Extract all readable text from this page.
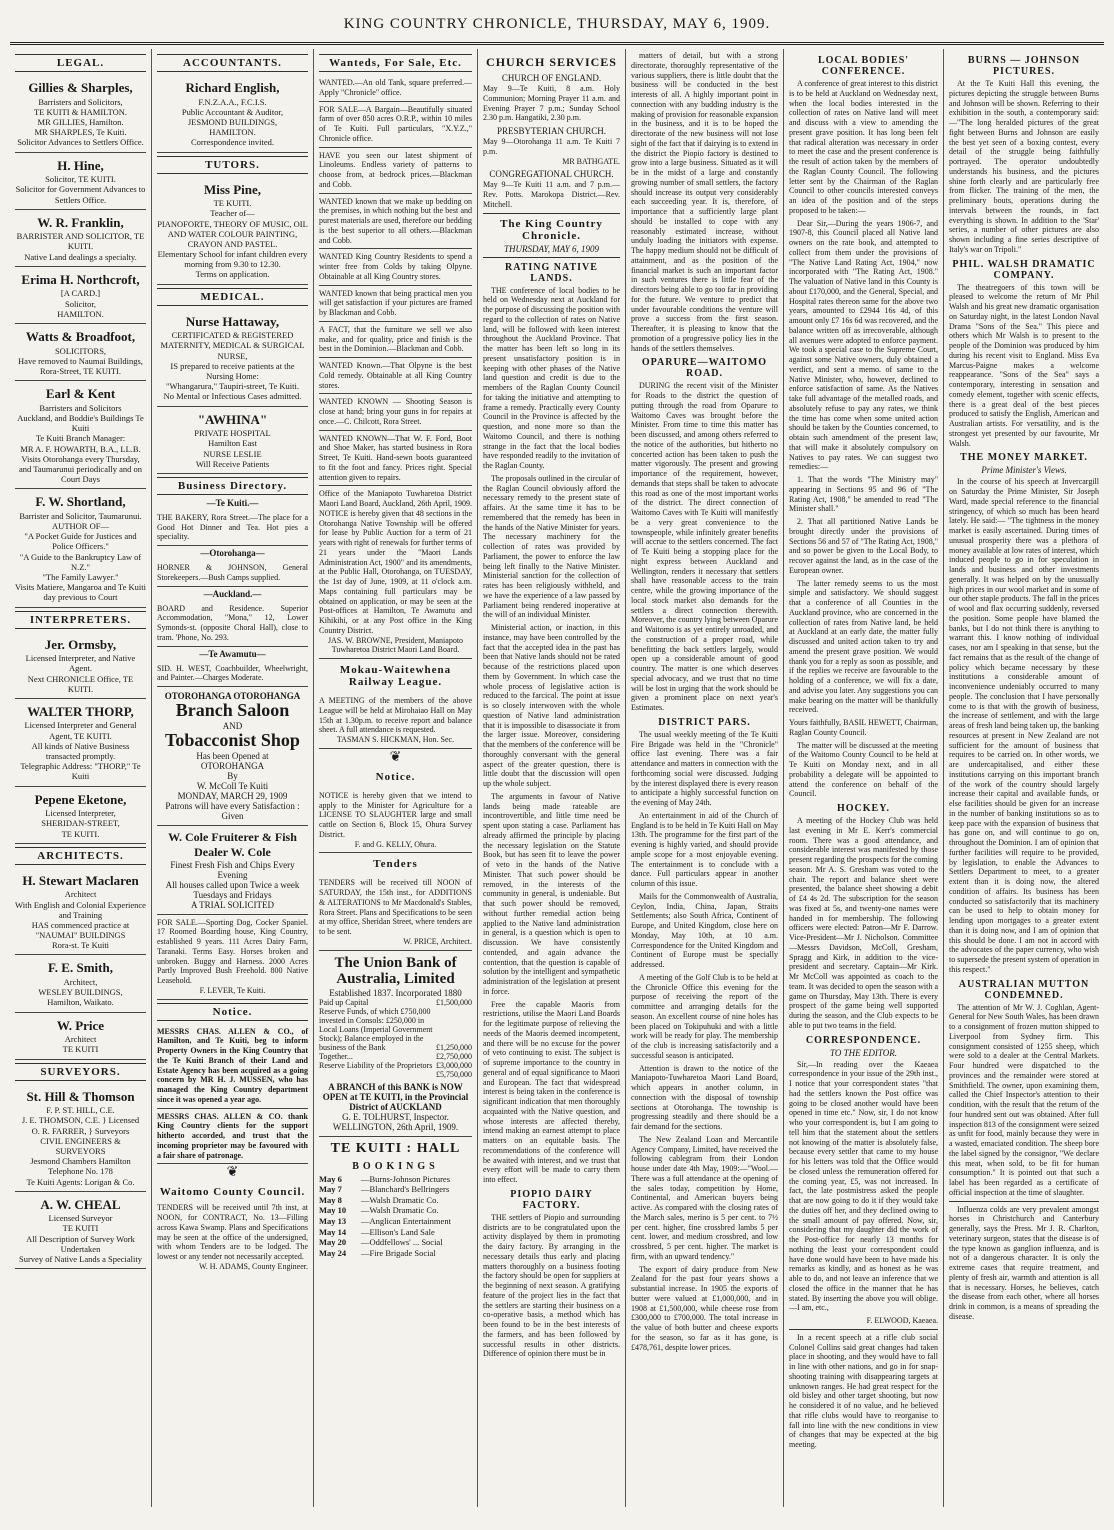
KING COUNTRY CHRONICLE, THURSDAY, MAY 6, 1909.
LEGAL.
Gillies & Sharples,
Barristers and Solicitors,
TE KUITI & HAMILTON.
MR GILLIES, Hamilton.
MR SHARPLES, Te Kuiti.
Solicitor Advances to Settlers Office.
H. Hine,
Solicitor, TE KUITI.
Solicitor for Government Advances to Settlers Office.
W. R. Franklin,
BARRISTER AND SOLICITOR, TE KUITI.
Native Land dealings a specialty.
Erima H. Northcroft,
[A CARD.]
Solicitor,
HAMILTON.
Watts & Broadfoot,
SOLICITORS,
Have removed to Naumai Buildings,
Rora-Street, TE KUITI.
Earl & Kent
Barristers and Solicitors
Auckland, and Boddie's Buildings Te Kuiti
Te Kuiti Branch Manager:
MR A. F. HOWARTH, B.A., LL.B.
Visits Otorohanga every Thursday, and Taumarunui periodically and on Court Days
F. W. Shortland,
Barrister and Solicitor, Taumarunui.
AUTHOR OF—
"A Pocket Guide for Justices and Police Officers."
"A Guide to the Bankruptcy Law of N.Z."
"The Family Lawyer."
Visits Matiere, Mangaroa and Te Kuiti day previous to Court
INTERPRETERS.
Jer. Ormsby,
Licensed Interpreter, and Native Agent.
Next CHRONICLE Office, TE KUITI.
WALTER THORP,
Licensed Interpreter and General Agent, TE KUITI.
All kinds of Native Business transacted promptly.
Telegraphic Address: "THORP," Te Kuiti
Pepene Eketone,
Licensed Interpreter,
SHERIDAN-STREET,
TE KUITI.
ARCHITECTS.
H. Stewart Maclaren
Architect
With English and Colonial Experience and Training
HAS commenced practice at "NAUMAI" BUILDINGS
Rora-st. Te Kuiti
F. E. Smith,
Architect,
WESLEY BUILDINGS,
Hamilton, Waikato.
W. Price
Architect
TE KUITI
SURVEYORS.
St. Hill & Thomson
F. P. ST. HILL, C.E.
J. E. THOMSON, C.E. } Licensed
O. R. FARRER, } Surveyors
CIVIL ENGINEERS & SURVEYORS
Jesmond Chambers Hamilton
Telephone No. 178
Te Kuiti Agents: Lorigan & Co.
A. W. CHEAL
Licensed Surveyor
TE KUITI
All Description of Survey Work Undertaken
Survey of Native Lands a Speciality
ACCOUNTANTS.
Richard English,
F.N.Z.A.A., F.C.I.S.
Public Accountant & Auditor,
JESMOND BUILDINGS,
HAMILTON.
Correspondence invited.
TUTORS.
Miss Pine,
TE KUITI.
Teacher of—
PIANOFORTE, THEORY OF MUSIC, OIL AND WATER COLOUR PAINTING, CRAYON AND PASTEL.
Elementary School for infant children every morning from 9.30 to 12.30.
Terms on application.
MEDICAL.
Nurse Hattaway,
CERTIFICATED & REGISTERED
MATERNITY, MEDICAL & SURGICAL NURSE,
IS prepared to receive patients at the Nursing Home:
"Whangarura," Taupiri-street, Te Kuiti.
No Mental or Infectious Cases admitted.
"AWHINA"
PRIVATE HOSPITAL
Hamilton East
NURSE LESLIE
Will Receive Patients
Business Directory.
—Te Kuiti.—
THE BAKERY, Rora Street.—The place for a Good Hot Dinner and Tea. Hot pies a speciality.
—Otorohanga—
HORNER & JOHNSON, General Storekeepers.—Bush Camps supplied.
—Auckland.—
BOARD and Residence. Superior Accommodation, "Mona," 12, Lower Symonds-st. (opposite Choral Hall), close to tram. 'Phone, No. 293.
—Te Awamutu—
SID. H. WEST, Coachbuilder, Wheelwright, and Painter.—Charges Moderate.
OTOROHANGA OTOROHANGA
Branch Saloon
AND
Tobacconist Shop
Has been Opened at
OTOROHANGA
By
W. McColl Te Kuiti
MONDAY, MARCH 29, 1909
Patrons will have every Satisfaction : Given
W. Cole Fruiterer & Fish Dealer W. Cole
Finest Fresh Fish and Chips Every Evening
All houses called upon Twice a week Tuesdays and Fridays
A TRIAL SOLICITED
FOR SALE.—Sporting Dog, Cocker Spaniel. 17 Roomed Boarding house, King Country, established 9 years. 111 Acres Dairy Farm, Taranaki. Terms Easy. Horses broken and unbroken. Buggy and Harness. 2000 Acres Partly Improved Bush Freehold. 800 Native Leasehold.
F. LEVER, Te Kuiti.
Notice.
MESSRS CHAS. ALLEN & CO., of Hamilton, and Te Kuiti, beg to inform Property Owners in the King Country that the Te Kuiti Branch of their Land and Estate Agency has been acquired as a going concern by MR H. J. MUSSEN, who has managed the King Country department since it was opened a year ago.
MESSRS CHAS. ALLEN & CO. thank King Country clients for the support hitherto accorded, and trust that the incoming proprietor may be favoured with a fair share of patronage.
❦
Waitomo County Council.
TENDERS will be received until 7th inst, at NOON, for CONTRACT, No. 13—Filling across Kawa Swamp. Plans and Specifications may be seen at the office of the undersigned, with whom Tenders are to be lodged. The lowest or any tender not necessarily accepted.
W. H. ADAMS, County Engineer.
Wanteds, For Sale, Etc.
WANTED.—An old Tank, square preferred.—Apply "Chronicle" office.
FOR SALE—A Bargain—Beautifully situated farm of over 850 acres O.R.P., within 10 miles of Te Kuiti. Full particulars, "X.Y.Z.," Chronicle office.
HAVE you seen our latest shipment of Linoleums. Endless variety of patterns to choose from, at bedrock prices.—Blackman and Cobb.
WANTED known that we make up bedding on the premises, in which nothing but the best and purest materials are used, therefore our bedding is the best superior to all others.—Blackman and Cobb.
WANTED King Country Residents to spend a winter free from Colds by taking Olpyne. Obtainable at all King Country stores.
WANTED known that being practical men you will get satisfaction if your pictures are framed by Blackman and Cobb.
A FACT, that the furniture we sell we also make, and for quality, price and finish is the best in the Dominion.—Blackman and Cobb.
WANTED Known.—That Olpyne is the best Cold remedy. Obtainable at all King Country stores.
WANTED KNOWN — Shooting Season is close at hand; bring your guns in for repairs at once.—C. Chilcott, Rora Street.
WANTED KNOWN—That W. F. Ford, Boot and Shoe Maker, has started business in Rora Street, Te Kuiti. Hand-sewn boots guaranteed to fit the foot and fancy. Prices right. Special attention given to repairs.
Office of the Maniapoto Tuwharetoa District Maori Land Board, Auckland, 26th April, 1909. NOTICE is hereby given that 48 sections in the Otorohanga Native Township will be offered for lease by Public Auction for a term of 21 years with right of renewals for further terms of 21 years under the "Maori Lands Administration Act, 1900" and its amendments, at the Public Hall, Otorohanga, on TUESDAY, the 1st day of June, 1909, at 11 o'clock a.m. Maps containing full particulars may be obtained on application, or may be seen at the Post-offices at Hamilton, Te Awamutu and Kihikihi, or at any Post office in the King Country District.
JAS. W. BROWNE, President, Maniapoto Tuwharetoa District Maori Land Board.
Mokau-Waitewhena Railway League.
A MEETING of the members of the above League will be held at Mirohaiao Hall on May 15th at 1.30p.m. to receive report and balance sheet. A full attendance is requested.
TASMAN S. HICKMAN, Hon. Sec.
❦
Notice.
NOTICE is hereby given that we intend to apply to the Minister for Agriculture for a LICENSE TO SLAUGHTER large and small cattle on Section 6, Block 15, Ohura Survey District.
F. and G. KELLY, Ohura.
Tenders
TENDERS will be received till NOON of SATURDAY, the 15th inst., for ADDITIONS & ALTERATIONS to Mr Macdonald's Stables, Rora Street. Plans and Specifications to be seen at my office, Sheridan Street, where tenders are to be sent.
W. PRICE, Architect.
The Union Bank of Australia, Limited
Established 1837. Incorporated 1880
Paid up Capital	£1,500,000
Reserve Funds, of which £750,000 invested in Consols: £250,000 in Local Loans (Imperial Government Stock); Balance employed in the business of the Bank	£1,250,000
Together...	£2,750,000
Reserve Liability of the Proprietors £3,000,000
£5,750,000
A BRANCH of this BANK is NOW OPEN at TE KUITI, in the Provincial District of AUCKLAND
G. E. TOLHURST, Inspector.
WELLINGTON, 26th April, 1909.
TE KUITI : HALL
BOOKINGS
May 6	—Burns-Johnson Pictures
May 7	—Blanchard's Bellringers
May 8	—Walsh Dramatic Co.
May 10	—Walsh Dramatic Co.
May 13	—Anglican Entertainment
May 14	—Ellison's Land Sale
May 20	—Oddfellows' ... Social
May 24	—Fire Brigade Social
CHURCH SERVICES
CHURCH OF ENGLAND.
May 9—Te Kuiti, 8 a.m. Holy Communion; Morning Prayer 11 a.m. and Evening Prayer 7 p.m.; Sunday School 2.30 p.m. Hangatiki, 2.30 p.m.
PRESBYTERIAN CHURCH.
May 9—Otorohanga 11 a.m. Te Kuiti 7 p.m.
MR BATHGATE.
CONGREGATIONAL CHURCH.
May 9—Te Kuiti 11 a.m. and 7 p.m.—Rev. Potts. Marokopa District.—Rev. Mitchell.
The King Country Chronicle.
THURSDAY, MAY 6, 1909
RATING NATIVE LANDS.
THE conference of local bodies to be held on Wednesday next at Auckland for the purpose of discussing the position with regard to the collection of rates on Native land, will be followed with keen interest throughout the Auckland Province. That the matter has been left so long in its present unsatisfactory position is in keeping with other phases of the Native land question and credit is due to the members of the Raglan County Council for taking the initiative and attempting to frame a remedy. Practically every County Council in the Province is affected by the question, and none more so than the Waitomo Council, and there is nothing strange in the fact that the local bodies have responded readily to the invitation of the Raglan County.
The proposals outlined in the circular of the Raglan Council obviously afford the necessary remedy to the present state of affairs. At the same time it has to be remembered that the remedy has been in the hands of the Native Minister for years. The necessary machinery for the collection of rates was provided by Parliament, the power to enforce the law being left finally to the Native Minister. Ministerial sanction for the collection of rates has been religiously withheld, and we have the experience of a law passed by Parliament being rendered inoperative at the will of an individual Minister.
Ministerial action, or inaction, in this instance, may have been controlled by the fact that the accepted idea in the past has been that Native lands should not be rated because of the restrictions placed upon them by Government. In which case the whole process of legislative action is reduced to the farcical. The point at issue is so closely interwoven with the whole question of Native land administration that it is impossible to disassociate it from the larger issue. Moreover, considering that the members of the conference will be thoroughly conversant with the general aspect of the greater question, there is little doubt that the discussion will open up the whole subject.
The arguments in favour of Native lands being made rateable are incontrovertible, and little time need be spent upon stating a case. Parliament has already affirmed the principle by placing the necessary legislation on the Statute Book, but has seen fit to leave the power of veto in the hands of the Native Minister. That such power should be removed, in the interests of the community in general, is undeniable. But that such power should be removed, without further remedial action being applied to the Native land administration in general, is a question which is open to discussion. We have consistently contended, and again advance the contention, that the question is capable of solution by the intelligent and sympathetic administration of the legislation at present in force.
Free the capable Maoris from restrictions, utilise the Maori Land Boards for the legitimate purpose of relieving the needs of the Maoris deemed incompetent, and there will be no excuse for the power of veto continuing to exist. The subject is of supreme importance to the country in general and of equal significance to Maori and European. The fact that widespread interest is being taken in the conference is significant indication that men thoroughly acquainted with the Native question, and whose interests are affected thereby, intend making an earnest attempt to place matters on an equitable basis. The recommendations of the conference will be awaited with interest, and we trust that every effort will be made to carry them into effect.
PIOPIO DAIRY FACTORY.
THE settlers of Piopio and surrounding districts are to be congratulated upon the activity displayed by them in promoting the dairy factory. By arranging in the necessary details thus early and placing matters thoroughly on a business footing the factory should be open for suppliers at the beginning of next season. A gratifying feature of the project lies in the fact that the settlers are starting their business on a co-operative basis, a method which has been found to be in the best interests of the farmers, and has been followed by successful results in other districts. Difference of opinion there must be in
matters of detail, but with a strong directorate, thoroughly representative of the various suppliers, there is little doubt that the business will be conducted in the best interests of all. A highly important point in connection with any budding industry is the making of provision for reasonable expansion in the business, and it is to be hoped the directorate of the new business will not lose sight of the fact that if dairying is to extend in the district the Piopio factory is destined to grow into a large business. Situated as it will be in the midst of a large and constantly growing number of small settlers, the factory should increase its output very considerably each succeeding year. It is, therefore, of importance that a sufficiently large plant should be installed to cope with any reasonably estimated increase, without unduly loading the initiators with expense. The happy medium should not be difficult of attainment, and as the position of the financial market is such an important factor in such ventures there is little fear of the directors being able to go too far in providing for the future. We venture to predict that under favourable conditions the venture will prove a success from the first season. Thereafter, it is pleasing to know that the promotion of a progressive policy lies in the hands of the settlers themselves.
OPARURE—WAITOMO ROAD.
DURING the recent visit of the Minister for Roads to the district the question of putting through the road from Oparure to Waitomo Caves was brought before the Minister. From time to time this matter has been discussed, and among others referred to the notice of the authorities, but hitherto no concerted action has been taken to push the matter vigorously. The present and growing importance of the requirement, however, demands that steps shall be taken to advocate this road as one of the most important works of the district. The direct connection of Waitomo Caves with Te Kuiti will manifestly be a very great convenience to the townspeople, while infinitely greater benefits will accrue to the settlers concerned. The fact of Te Kuiti being a stopping place for the night express between Auckland and Wellington, renders it necessary that settlers shall have reasonable access to the train centre, while the growing importance of the local stock market also demands for the settlers a direct connection therewith. Moreover, the country lying between Oparure and Waitomo is as yet entirely unroaded, and the construction of a proper road, while benefitting the back settlers largely, would open up a considerable amount of good country. The matter is one which deserves special advocacy, and we trust that no time will be lost in urging that the work should be given a prominent place on next year's Estimates.
DISTRICT PARS.
The usual weekly meeting of the Te Kuiti Fire Brigade was held in the "Chronicle" office last evening. There was a fair attendance and matters in connection with the forthcoming social were discussed. Judging by the interest displayed there is every reason to anticipate a highly successful function on the evening of May 24th.
An entertainment in aid of the Church of England is to be held in Te Kuiti Hall on May 13th. The programme for the first part of the evening is highly varied, and should provide ample scope for a most enjoyable evening. The entertainment is to conclude with a dance. Full particulars appear in another column of this issue.
Mails for the Commonwealth of Australia, Ceylon, India, China, Japan, Straits Settlements; also South Africa, Continent of Europe, and United Kingdom, close here on Monday, May 10th, at 10 a.m. Correspondence for the United Kingdom and Continent of Europe must be specially addressed.
A meeting of the Golf Club is to be held at the Chronicle Office this evening for the purpose of receiving the report of the committee and arranging details for the season. An excellent course of nine holes has been placed on Tokipuhuki and with a little work will be ready for play. The membership of the club is increasing satisfactorily and a successful season is anticipated.
Attention is drawn to the notice of the Maniapoto-Tuwharetoa Maori Land Board, which appears in another column, in connection with the disposal of township sections at Otorohanga. The township is progressing steadily and there should be a fair demand for the sections.
The New Zealand Loan and Mercantile Agency Company, Limited, have received the following cablegram from their London house under date 4th May, 1909:—"Wool.—There was a full attendance at the opening of the sales today, competition by Home, Continental, and American buyers being active. As compared with the closing rates of the March sales, merino is 5 per cent. to 7½ per cent. higher, fine crossbred lambs 5 per cent. lower, and medium crossbred, and low crossbred, 5 per cent. higher. The market is firm, with an upward tendency."
The export of dairy produce from New Zealand for the past four years shows a substantial increase. In 1905 the exports of butter were valued at £1,000,000, and in 1908 at £1,500,000, while cheese rose from £300,000 to £700,000. The total increase in the value of both butter and cheese exports for the season, so far as it has gone, is £478,761, despite lower prices.
LOCAL BODIES' CONFERENCE.
A conference of great interest to this district is to be held at Auckland on Wednesday next, when the local bodies interested in the collection of rates on Native land will meet and discuss with a view to amending the present grave position. It has long been felt that radical alteration was necessary in order to meet the case and the present conference is the result of action taken by the members of the Raglan County Council. The following letter sent by the Chairman of the Raglan Council to other councils interested conveys an idea of the position and of the steps proposed to be taken:—
Dear Sir,—During the years 1906-7, and 1907-8, this Council placed all Native land owners on the rate book, and attempted to collect from them under the provisions of "The Native Land Rating Act, 1904," now incorporated with "The Rating Act, 1908." The valuation of Native land in this County is about £170,000, and the General, Special, and Hospital rates thereon same for the above two years, amounted to £2944 16s 4d, of this amount only £7 16s 6d was recovered, and the balance written off as irrecoverable, although all avenues were adopted to enforce payment. We took a special case to the Supreme Court, against some Native owners, duly obtained a verdict, and sent a memo. of same to the Native Minister, who, however, declined to enforce satisfaction of same. As the Natives take full advantage of the metalled roads, and absolutely refuse to pay any rates, we think the time has come when some united action should be taken by the Counties concerned, to obtain such amendment of the present law, that will make it absolutely compulsory on Natives to pay rates. We can suggest two remedies:—
1. That the words "The Ministry may" appearing in Sections 95 and 96 of "The Rating Act, 1908," be amended to read "The Minister shall."
2. That all partitioned Native Lands be brought directly under the provisions of Sections 56 and 57 of "The Rating Act, 1908," and so power be given to the Local Body, to recover against the land, as in the case of the European owner.
The latter remedy seems to us the most simple and satisfactory. We should suggest that a conference of all Counties in the Auckland province, who are concerned in the collection of rates from Native land, be held at Auckland at an early date, the matter fully discussed and united action taken to try and amend the present grave position. We would thank you for a reply as soon as possible, and if the replies we receive are favourable to the holding of a conference, we will fix a date, and advise you later. Any suggestions you can make bearing on the matter will be thankfully received.
Yours faithfully, BASIL HEWETT, Chairman, Raglan County Council.
The matter will be discussed at the meeting of the Waitomo County Council to be held at Te Kuiti on Monday next, and in all probability a delegate will be appointed to attend the conference on behalf of the Council.
HOCKEY.
A meeting of the Hockey Club was held last evening in Mr E. Kerr's commercial room. There was a good attendance, and considerable interest was manifested by those present regarding the prospects for the coming season. Mr A. S. Gresham was voted to the chair. The report and balance sheet were presented, the balance sheet showing a debit of £4 4s 2d. The subscription for the season was fixed at 5s, and twenty-one names were handed in for membership. The following officers were elected: Patron—Mr F. Darrow. Vice-President—Mr J. Nicholson. Committee—Messrs Davidson, McColl, Gresham, Spragg and Kirk, in addition to the vice-president and secretary. Captain—Mr Kirk. Mr McColl was appointed as coach to the team. It was decided to open the season with a game on Thursday, May 13th. There is every prospect of the game being well supported during the season, and the Club expects to be able to put two teams in the field.
CORRESPONDENCE.
TO THE EDITOR.
Sir,—In reading over the Kaeaea correspondence in your issue of the 29th inst., I notice that your correspondent states "that had the settlers known the Post office was going to be closed another would have been opened in time etc." Now, sir, I do not know who your correspondent is, but I am going to tell him that the statement about the settlers not knowing of the matter is absolutely false, because every settler that came to my house for his letters was told that the Office would be closed unless the remuneration offered for the coming year, £5, was not increased. In fact, the late postmistress asked the people that are now going to do it if they would take the duties off her, and they declined owing to the small amount of pay offered. Now, sir, considering that my daughter did the work of the Post-office for nearly 13 months for nothing the least your correspondent could have done would have been to have made his remarks as kindly, and as honest as he was able to do, and not leave an inference that we closed the office in the manner that he has stated. By inserting the above you will oblige.—I am, etc.,
F. ELWOOD, Kaeaea.
In a recent speech at a rifle club social Colonel Collins said great changes had taken place in shooting, and they would have to fall in line with other nations, and go in for snap-shooting training with disappearing targets at unknown ranges. He had great respect for the old bisley and other target shooting, but now he considered it of no value, and he believed that rifle clubs would have to reorganise to fall into line with the new conditions in view of changes that may be expected at the big meeting.
BURNS — JOHNSON PICTURES.
At the Te Kuiti Hall this evening, the pictures depicting the struggle between Burns and Johnson will be shown. Referring to their exhibition in the south, a contemporary said:—"The long heralded pictures of the great fight between Burns and Johnson are easily the best yet seen of a boxing contest, every detail of the struggle being faithfully portrayed. The operator undoubtedly understands his business, and the pictures shine forth clearly and are particularly free from flicker. The training of the men, the preliminary bouts, operations during the intervals between the rounds, in fact everything is shown. In addition to the 'Star' series, a number of other pictures are also shown including a fine series descriptive of Italy's war on Tripoli."
PHIL. WALSH DRAMATIC COMPANY.
The theatregoers of this town will be pleased to welcome the return of Mr Phil Walsh and his great new dramatic organisation on Saturday night, in the latest London Naval Drama "Sons of the Sea." This piece and others which Mr Walsh is to present to the people of the Dominion was produced by him during his recent visit to England. Miss Eva Marcus-Paigne makes a welcome reappearance. "Sons of the Sea" says a contemporary, interesting in sensation and comedy element, together with scenic effects, there is a great deal of the best pieces produced to satisfy the English, American and Australian artists. For versatility, and is the strongest yet presented by our favourite, Mr Walsh.
THE MONEY MARKET.
Prime Minister's Views.
In the course of his speech at Invercargill on Saturday the Prime Minister, Sir Joseph Ward, made special reference to the financial stringency, of which so much has been heard lately. He said:— "The tightness in the money market is easily ascertained. During times of unusual prosperity there was a plethora of money available at low rates of interest, which induced people to go in for speculation in lands and business and other investments generally. It was helped on by the unusually high prices in our wool market and in some of our other staple products. The fall in the prices of wool and flax occurring suddenly, reversed the position. Some people have blamed the banks, but I do not think there is anything to warrant this. I know nothing of individual cases, nor am I speaking in that sense, but the fact remains that as the result of the change of policy which became necessary by these institutions a considerable amount of inconvenience undeniably occurred to many people. The conclusion that I have personally come to is that with the growth of business, the increase of settlement, and with the large areas of fresh land being taken up, the banking resources at present in New Zealand are not sufficient for the amount of business that requires to be carried on. In other words, we are undercapitalised, and either these institutions carrying on this important branch of the work of the country should largely increase their capital and available funds, or else facilities should be given for an increase in the number of banking institutions so as to keep pace with the expansion of business that has gone on, and will continue to go on, throughout the Dominion. I am of opinion that further facilities will require to be provided, by legislation, to enable the Advances to Settlers Department to meet, to a greater extent than it is doing now, the altered condition of affairs. Its business has been conducted so satisfactorily that its machinery can be used to help to obtain money for lending upon mortgages to a greater extent than it is doing now, and I am of opinion that this should be done. I am not in accord with the advocates of the paper currency, who wish to supersede the present system of operation in this respect."
AUSTRALIAN MUTTON CONDEMNED.
The attention of Mr W. J. Coghlan, Agent-General for New South Wales, has been drawn to a consignment of frozen mutton shipped to Liverpool from Sydney firm. This consignment consisted of 1255 sheep, which were sold to a dealer at the Central Markets. Four hundred were dispatched to the provinces and the remainder were stored at Smithfield. The owner, upon examining them, called the Chief Inspector's attention to their condition, with the result that the return of the four hundred sent out was obtained. After full inspection 813 of the consignment were seized as unfit for food, mainly because they were in a wasted, emaciated condition. The sheep bore the label signed by the consignor, "We declare this meat, when sold, to be fit for human consumption." It is pointed out that such a label has been regarded as a certificate of official inspection at the time of slaughter.
Influenza colds are very prevalent amongst horses in Christchurch and Canterbury generally, says the Press. Mr J. R. Charlton, veterinary surgeon, states that the disease is of the type known as ganglion influenza, and is not of a dangerous character. It is only the extreme cases that require treatment, and plenty of fresh air, warmth and attention is all that is necessary. Horses, he believes, catch the disease from each other, where all horses drink in common, is a means of spreading the disease.
